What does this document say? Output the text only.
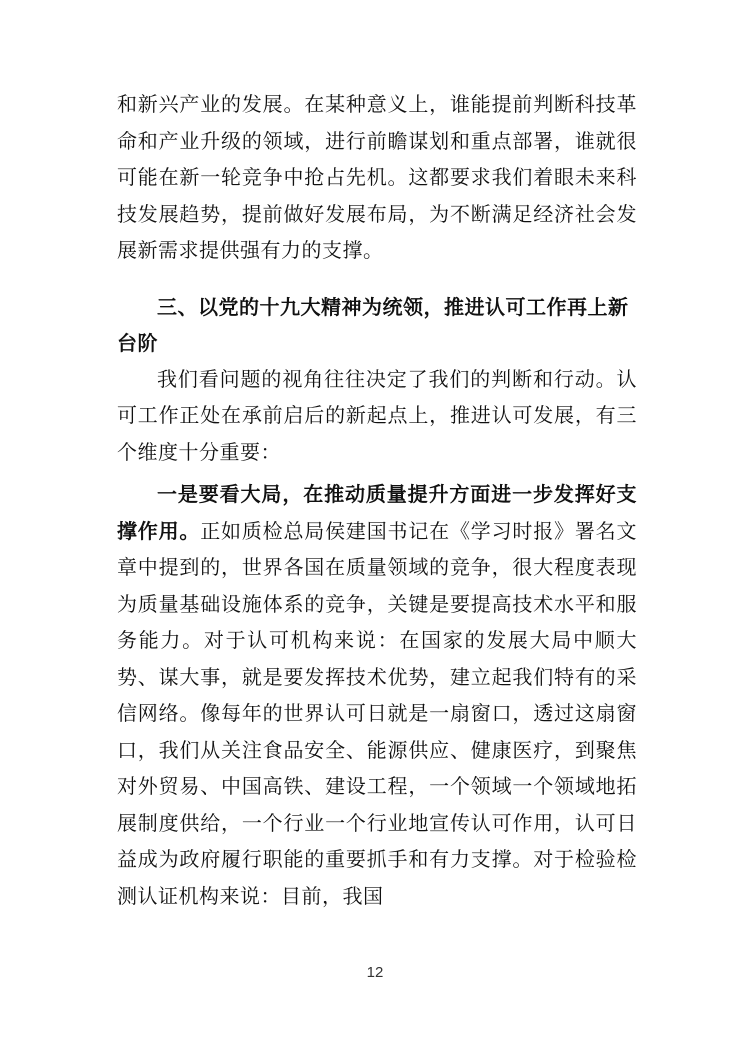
和新兴产业的发展。在某种意义上，谁能提前判断科技革命和产业升级的领域，进行前瞻谋划和重点部署，谁就很可能在新一轮竞争中抢占先机。这都要求我们着眼未来科技发展趋势，提前做好发展布局，为不断满足经济社会发展新需求提供强有力的支撑。

三、以党的十九大精神为统领，推进认可工作再上新台阶

我们看问题的视角往往决定了我们的判断和行动。认可工作正处在承前启后的新起点上，推进认可发展，有三个维度十分重要：

一是要看大局，在推动质量提升方面进一步发挥好支撑作用。正如质检总局侯建国书记在《学习时报》署名文章中提到的，世界各国在质量领域的竞争，很大程度表现为质量基础设施体系的竞争，关键是要提高技术水平和服务能力。对于认可机构来说：在国家的发展大局中顺大势、谋大事，就是要发挥技术优势，建立起我们特有的采信网络。像每年的世界认可日就是一扇窗口，透过这扇窗口，我们从关注食品安全、能源供应、健康医疗，到聚焦对外贸易、中国高铁、建设工程，一个领域一个领域地拓展制度供给，一个行业一个行业地宣传认可作用，认可日益成为政府履行职能的重要抓手和有力支撑。对于检验检测认证机构来说：目前，我国

12
